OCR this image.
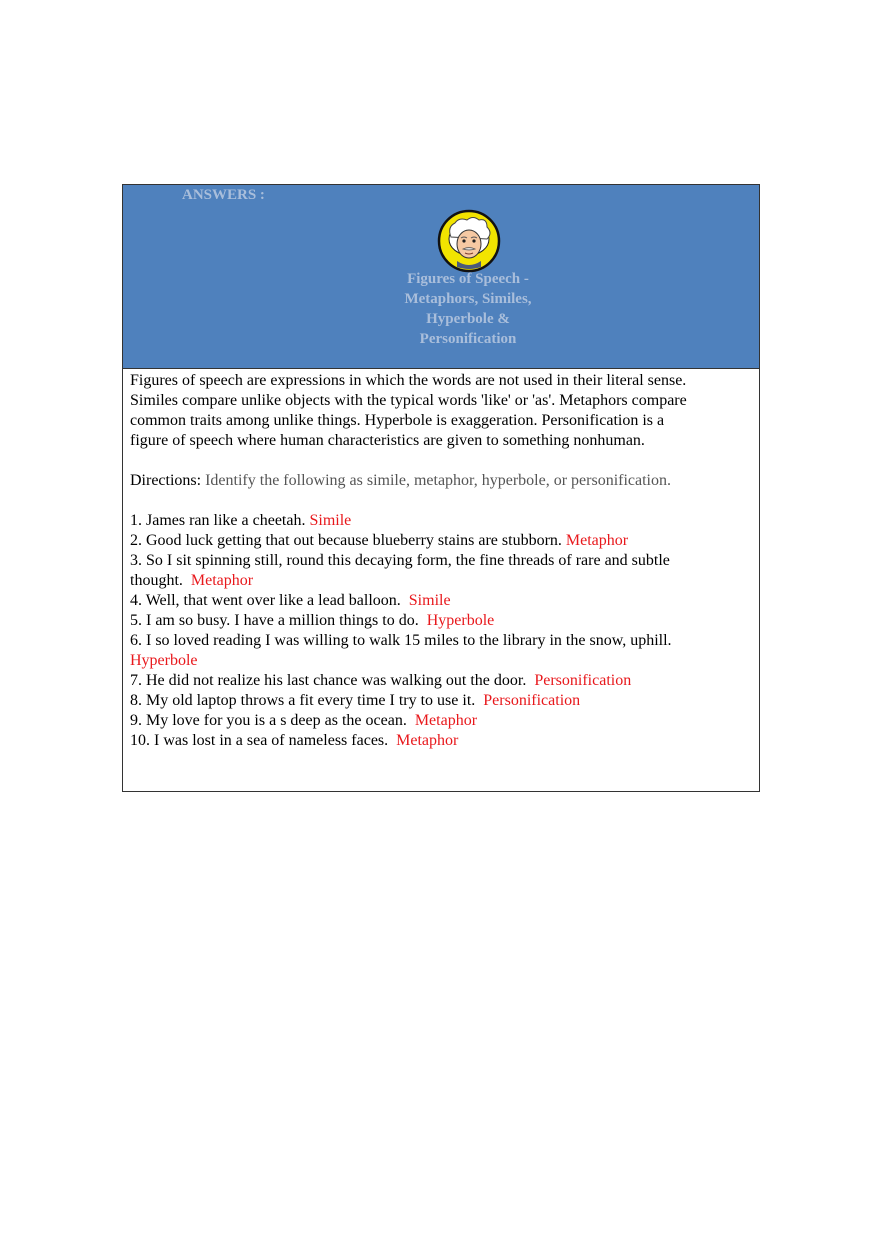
ANSWERS :
Figures of Speech -
Metaphors, Similes,
Hyperbole &
Personification
Figures of speech are expressions in which the words are not used in their literal sense.
Similes compare unlike objects with the typical words 'like' or 'as'. Metaphors compare
common traits among unlike things. Hyperbole is exaggeration. Personification is a
figure of speech where human characteristics are given to something nonhuman.
Directions: Identify the following as simile, metaphor, hyperbole, or personification.
1. James ran like a cheetah. Simile
2. Good luck getting that out because blueberry stains are stubborn. Metaphor
3. So I sit spinning still, round this decaying form, the fine threads of rare and subtle
thought. Metaphor
4. Well, that went over like a lead balloon. Simile
5. I am so busy. I have a million things to do. Hyperbole
6. I so loved reading I was willing to walk 15 miles to the library in the snow, uphill.
Hyperbole
7. He did not realize his last chance was walking out the door. Personification
8. My old laptop throws a fit every time I try to use it. Personification
9. My love for you is a s deep as the ocean. Metaphor
10. I was lost in a sea of nameless faces. Metaphor
